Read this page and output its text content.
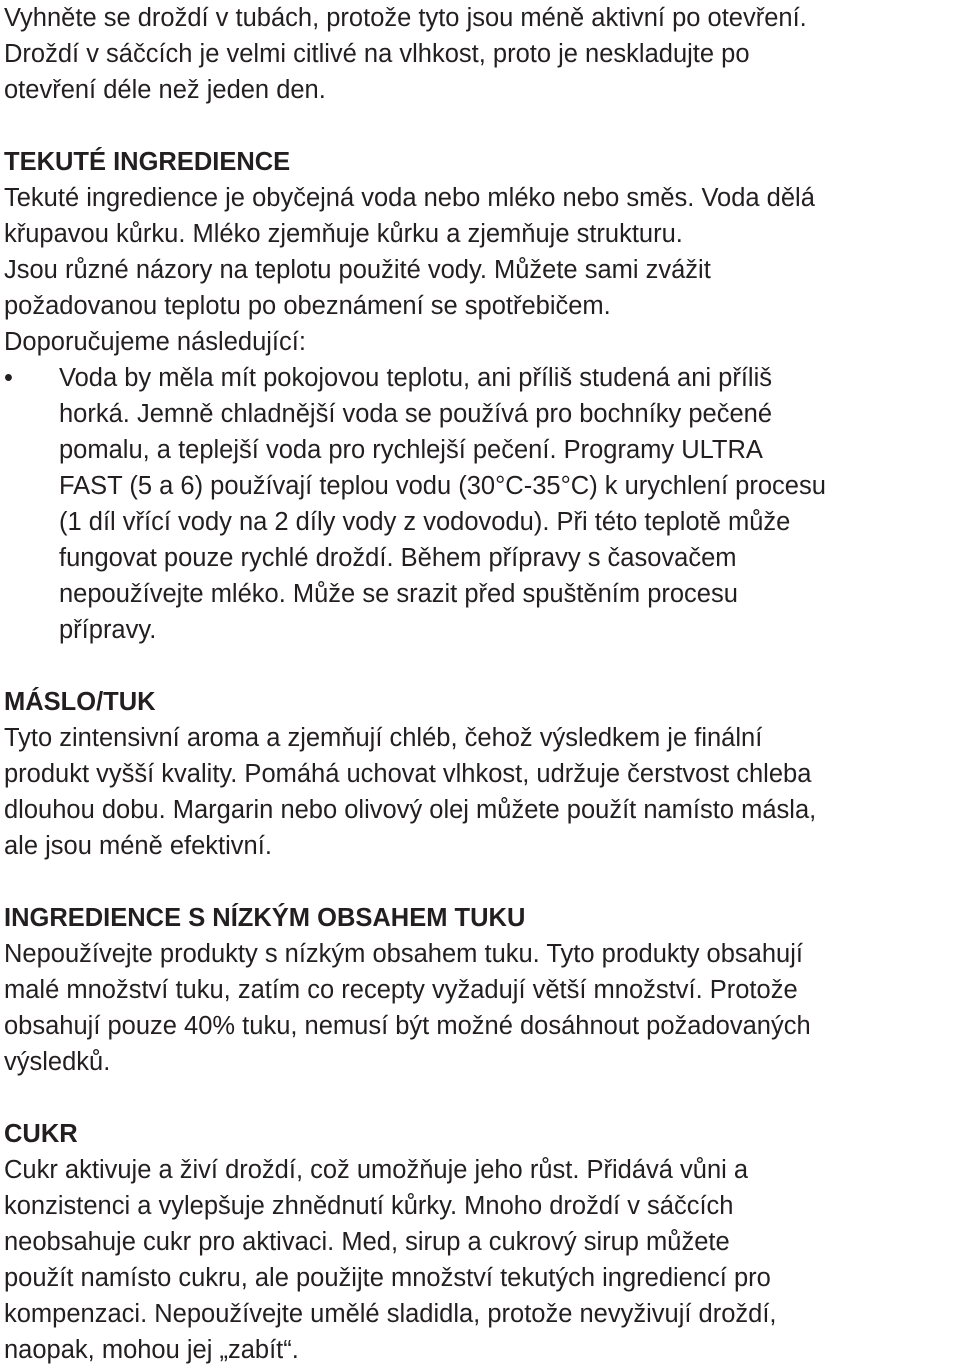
Vyhněte se droždí v tubách, protože tyto jsou méně aktivní po otevření.
Droždí v sáčcích je velmi citlivé na vlhkost, proto je neskladujte po
otevření déle než jeden den.

TEKUTÉ INGREDIENCE

Tekuté ingredience je obyčejná voda nebo mléko nebo směs. Voda dělá
křupavou kůrku. Mléko zjemňuje kůrku a zjemňuje strukturu.
Jsou různé názory na teplotu použité vody. Můžete sami zvážit
požadovanou teplotu po obeznámení se spotřebičem.
Doporučujeme následující:

•	Voda by měla mít pokojovou teplotu, ani příliš studená ani příliš
horká. Jemně chladnější voda se používá pro bochníky pečené
pomalu, a teplejší voda pro rychlejší pečení. Programy ULTRA
FAST (5 a 6) používají teplou vodu (30°C-35°C) k urychlení procesu
(1 díl vřící vody na 2 díly vody z vodovodu). Při této teplotě může
fungovat pouze rychlé droždí. Během přípravy s časovačem
nepoužívejte mléko. Může se srazit před spuštěním procesu
přípravy.
MÁSLO/TUK

Tyto zintensivní aroma a zjemňují chléb, čehož výsledkem je finální
produkt vyšší kvality. Pomáhá uchovat vlhkost, udržuje čerstvost chleba
dlouhou dobu. Margarin nebo olivový olej můžete použít namísto másla,
ale jsou méně efektivní.

INGREDIENCE S NÍZKÝM OBSAHEM TUKU

Nepoužívejte produkty s nízkým obsahem tuku. Tyto produkty obsahují
malé množství tuku, zatím co recepty vyžadují větší množství. Protože
obsahují pouze 40% tuku, nemusí být možné dosáhnout požadovaných
výsledků.

CUKR

Cukr aktivuje a živí droždí, což umožňuje jeho růst. Přidává vůni a
konzistenci a vylepšuje zhnědnutí kůrky. Mnoho droždí v sáčcích
neobsahuje cukr pro aktivaci. Med, sirup a cukrový sirup můžete
použít namísto cukru, ale použijte množství tekutých ingrediencí pro
kompenzaci. Nepoužívejte umělé sladidla, protože nevyživují droždí,
naopak, mohou jej „zabít“.
